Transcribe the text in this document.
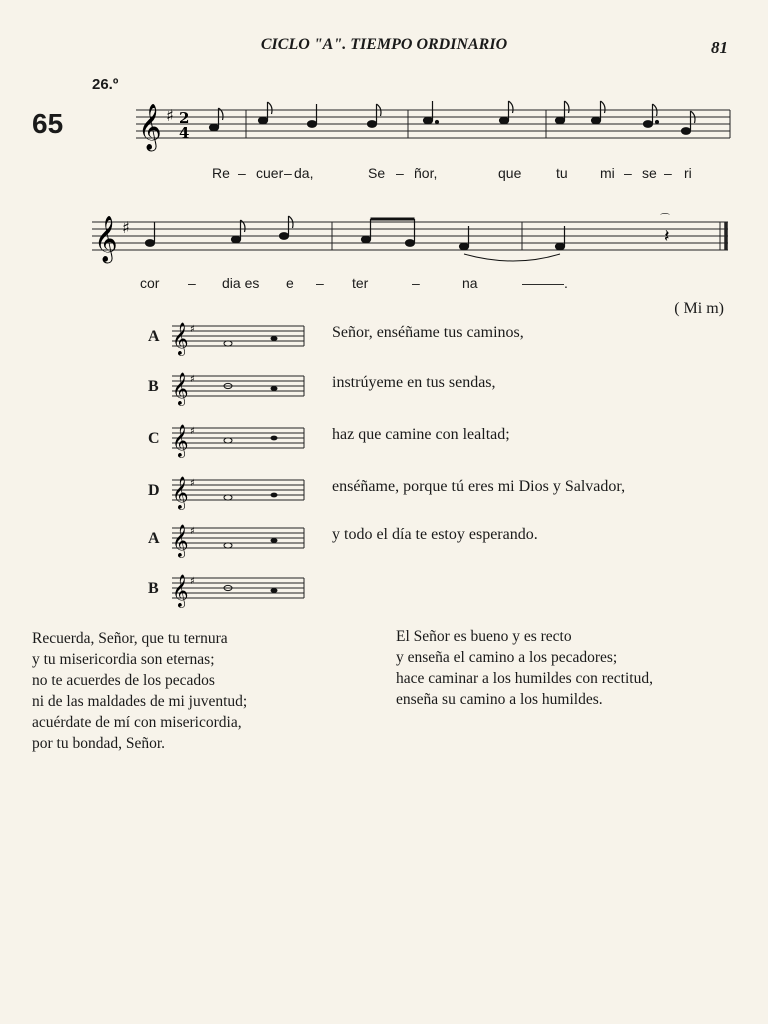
CICLO "A". TIEMPO ORDINARIO	81
26.º
65 𝄞 ♯ 2
4
Re – cuer – da,	Se – ñor,	que tu mi – se – ri
𝄞 ♯	𝄽
⌒
cor – dia es e – ter	–	na	———.
( Mi m)
A 𝄞 ♯	Señor, enséñame tus caminos,
B 𝄞 ♯	instrúyeme en tus sendas,
C 𝄞 ♯	haz que camine con lealtad;
D 𝄞 ♯	enséñame, porque tú eres mi Dios y Salvador,
A 𝄞 ♯	y todo el día te estoy esperando.
B 𝄞 ♯
Recuerda, Señor, que tu ternura
y tu misericordia son eternas;
no te acuerdes de los pecados
ni de las maldades de mi juventud;
acuérdate de mí con misericordia,
por tu bondad, Señor.
El Señor es bueno y es recto
y enseña el camino a los pecadores;
hace caminar a los humildes con rectitud,
enseña su camino a los humildes.
